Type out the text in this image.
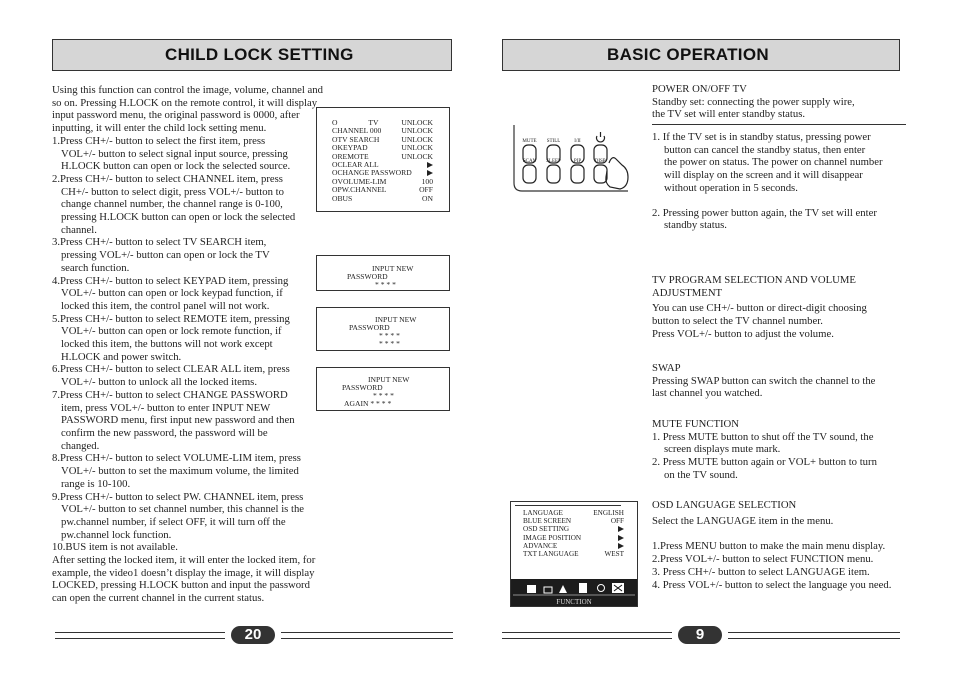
CHILD LOCK SETTING

Using this function can control the image, volume, channel and so on. Pressing H.LOCK on the remote control, it will display input password menu, the original password is 0000, after inputting, it will enter the child lock setting menu.

1.Press CH+/- button to select the first item, press

VOL+/- button to select signal input source, pressing

H.LOCK button can open or lock the selected source.

2.Press CH+/- button to select CHANNEL item, press

CH+/- button to select digit, press VOL+/- button to

change channel number, the channel range is 0-100,

pressing H.LOCK button can open or lock the selected

channel.

3.Press CH+/- button to select TV SEARCH item,

pressing VOL+/- button can open or lock the TV

search function.

4.Press CH+/- button to select KEYPAD item, pressing

VOL+/- button can open or lock keypad function, if

locked this item, the control panel will not work.

5.Press CH+/- button to select REMOTE item, pressing

VOL+/- button can open or lock remote function, if

locked this item, the buttons will not work except

H.LOCK and power switch.

6.Press CH+/- button to select CLEAR ALL item, press

VOL+/- button to unlock all the locked items.

7.Press CH+/- button to select CHANGE PASSWORD

item, press VOL+/- button to enter INPUT NEW

PASSWORD menu, first input new password and then

confirm the new password, the password will be

changed.

8.Press CH+/- button to select VOLUME-LIM item, press

VOL+/- button to set the maximum volume, the limited

range is 10-100.

9.Press CH+/- button to select PW. CHANNEL item, press

VOL+/- button to set channel number, this channel is the

pw.channel number, if select OFF, it will turn off the

pw.channel lock function.

10.BUS item is not available.

After setting the locked item, it will enter the locked item, for example, the video1 doesn’t display the image, it will display LOCKED, pressing H.LOCK button and input the password can open the current channel in the current status.

O	TV	UNLOCK
CHANNEL 000	UNLOCK
OTV SEARCH	UNLOCK
OKEYPAD	UNLOCK
OREMOTE	UNLOCK
OCLEAR ALL
OCHANGE PASSWORD
OVOLUME-LIM	100
OPW.CHANNEL	OFF
OBUS	ON
INPUT NEW
PASSWORD
* * * *
INPUT NEW
PASSWORD
* * * *
* * * *
INPUT NEW
PASSWORD
* * * *
AGAIN * * * *
20
BASIC OPERATION
MUTE STILL	I/II
SCAN SLEEP	PIP	DISP.

POWER ON/OFF TV

Standby set: connecting the power supply wire,

the TV set will enter standby status.

1. If the TV set is in standby status, pressing power

button can cancel the standby status, then enter

the power on status. The power on channel number

will display on the screen and it will disappear

without operation in 5 seconds.

2. Pressing power button again, the TV set will enter

standby status.

TV PROGRAM SELECTION AND VOLUME

ADJUSTMENT

You can use CH+/- button or direct-digit choosing

button to select the TV channel number.

Press VOL+/- button to adjust the volume.

SWAP

Pressing SWAP button can switch the channel to the

last channel you watched.

MUTE FUNCTION

1. Press MUTE button to shut off the TV sound, the

screen displays mute mark.

2. Press MUTE button again or VOL+ button to turn

on the TV sound.

OSD LANGUAGE SELECTION

Select the LANGUAGE item in the menu.

1.Press MENU button to make the main menu display.

2.Press VOL+/- button to select FUNCTION menu.

3. Press CH+/- button to select LANGUAGE item.

4. Press VOL+/- button to select the language you need.

LANGUAGE	ENGLISH
BLUE SCREEN	OFF
OSD SETTING
IMAGE POSITION
ADVANCE
TXT LANGUAGE	WEST
FUNCTION
9
